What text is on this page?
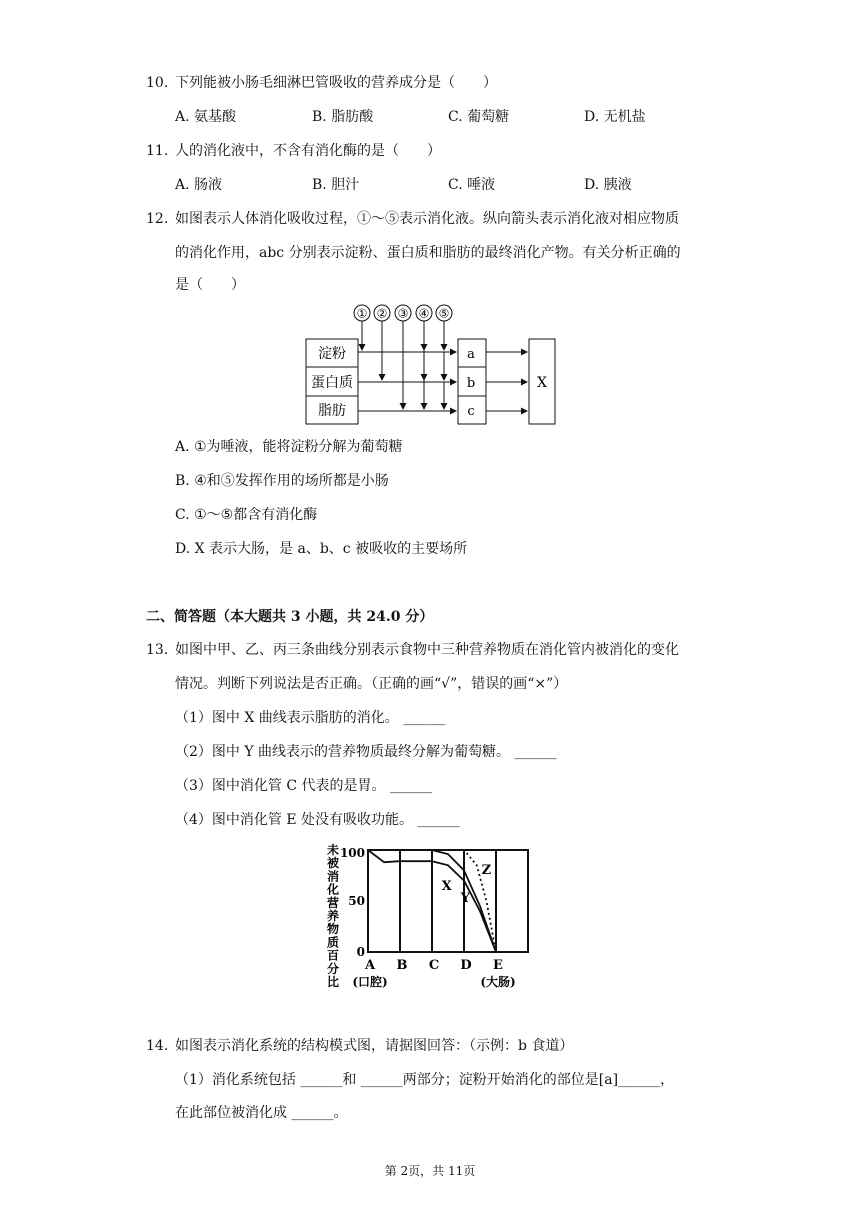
10. 下列能被小肠毛细淋巴管吸收的营养成分是（　　）
A. 氨基酸	B. 脂肪酸	C. 葡萄糖	D. 无机盐
11. 人的消化液中，不含有消化酶的是（　　）
A. 肠液	B. 胆汁	C. 唾液	D. 胰液
12. 如图表示人体消化吸收过程，①～⑤表示消化液。纵向箭头表示消化液对相应物质
的消化作用，abc 分别表示淀粉、蛋白质和脂肪的最终消化产物。有关分析正确的
是（　　）
① ② ③ ④ ⑤
淀粉
蛋白质
脂肪
a
b
c
X
A. ①为唾液，能将淀粉分解为葡萄糖
B. ④和⑤发挥作用的场所都是小肠
C. ①～⑤都含有消化酶
D. X 表示大肠，是 a、b、c 被吸收的主要场所
二、简答题（本大题共 3 小题，共 24.0 分）
13. 如图中甲、乙、丙三条曲线分别表示食物中三种营养物质在消化管内被消化的变化
情况。判断下列说法是否正确。（正确的画“√”，错误的画“×”）
（1）图中 X 曲线表示脂肪的消化。 ______
（2）图中 Y 曲线表示的营养物质最终分解为葡萄糖。 ______
（3）图中消化管 C 代表的是胃。 ______
（4）图中消化管 E 处没有吸收功能。 ______
未被消化营养物质百分比
100
50
0
X
Y
Z
A
(口腔)
B C D E
(大肠)
14. 如图表示消化系统的结构模式图，请据图回答：（示例：b 食道）
（1）消化系统包括 ______和 ______两部分；淀粉开始消化的部位是[a]______，
在此部位被消化成 ______。
第 2页，共 11页
